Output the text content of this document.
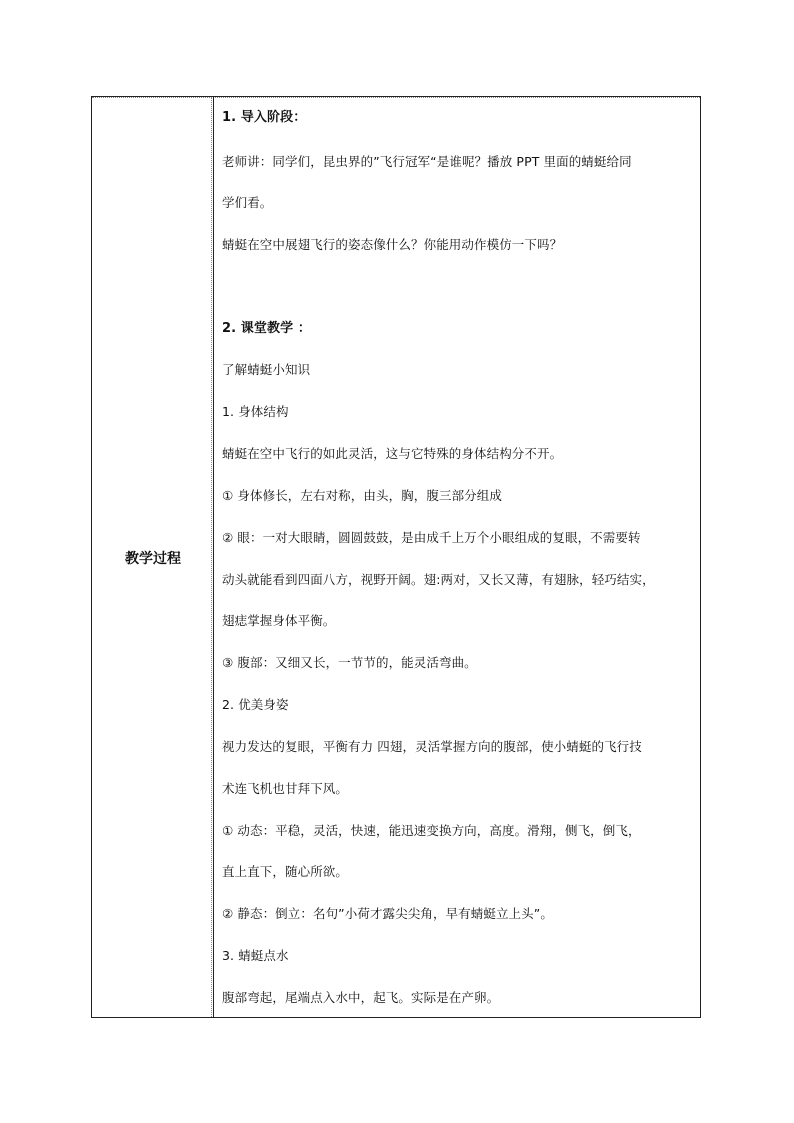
教学过程
1. 导入阶段：
老师讲：同学们，昆虫界的”飞行冠军“是谁呢？播放 PPT 里面的蜻蜓给同
学们看。
蜻蜓在空中展翅飞行的姿态像什么？你能用动作模仿一下吗？
2. 课堂教学 ：
了解蜻蜓小知识
1. 身体结构
蜻蜓在空中飞行的如此灵活，这与它特殊的身体结构分不开。
① 身体修长，左右对称，由头，胸，腹三部分组成
② 眼：一对大眼睛，圆圆鼓鼓，是由成千上万个小眼组成的复眼，不需要转
动头就能看到四面八方，视野开阔。翅:两对，又长又薄，有翅脉，轻巧结实，
翅痣掌握身体平衡。
③ 腹部：又细又长，一节节的，能灵活弯曲。
2. 优美身姿
视力发达的复眼，平衡有力 四翅，灵活掌握方向的腹部，使小蜻蜓的飞行技
术连飞机也甘拜下风。
① 动态：平稳，灵活，快速，能迅速变换方向，高度。滑翔，侧飞，倒飞，
直上直下，随心所欲。
② 静态：倒立：名句”小荷才露尖尖角，早有蜻蜓立上头”。
3. 蜻蜓点水
腹部弯起，尾端点入水中，起飞。实际是在产卵。
